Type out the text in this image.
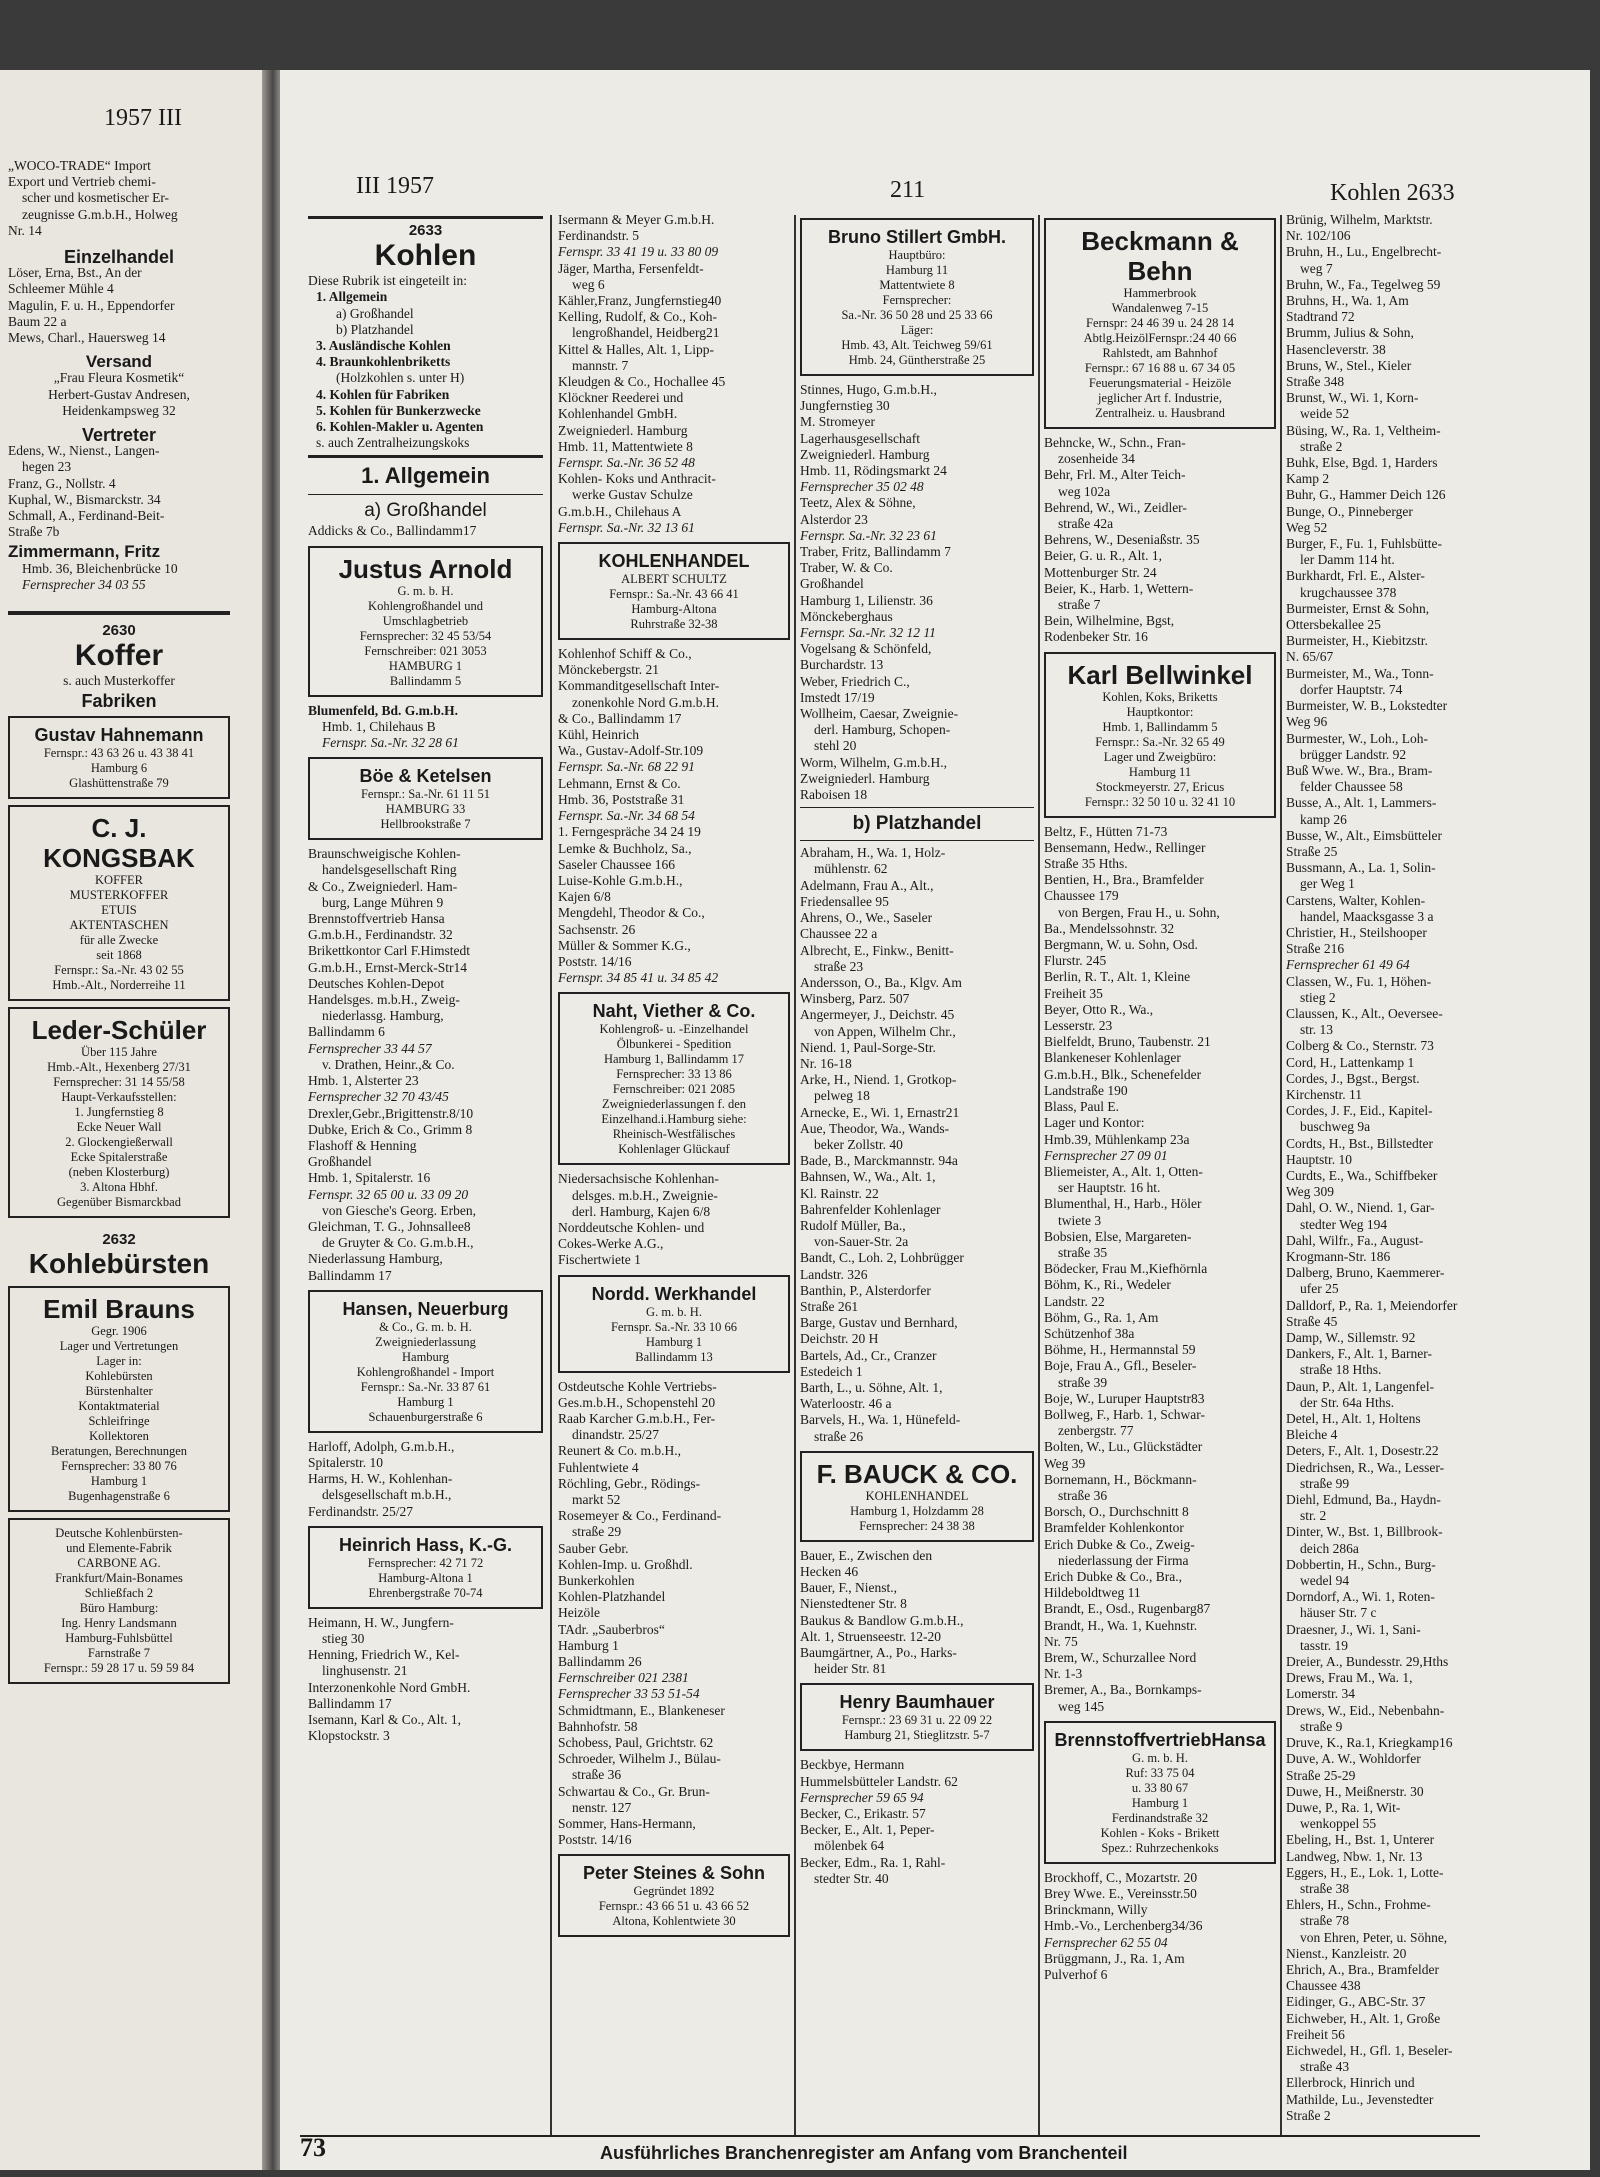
1957 III

„WOCO-TRADE“ Import

Export und Vertrieb chemi-

scher und kosmetischer Er-

zeugnisse G.m.b.H., Holweg

Nr. 14

Einzelhandel

Löser, Erna, Bst., An der

Schleemer Mühle 4

Magulin, F. u. H., Eppendorfer

Baum 22 a

Mews, Charl., Hauersweg 14

Versand

„Frau Fleura Kosmetik“

Herbert-Gustav Andresen,

Heidenkampsweg 32

Vertreter

Edens, W., Nienst., Langen-

hegen 23

Franz, G., Nollstr. 4

Kuphal, W., Bismarckstr. 34

Schmall, A., Ferdinand-Beit-

Straße 7b

Zimmermann, Fritz

Hmb. 36, Bleichenbrücke 10

Fernsprecher 34 03 55

2630
Koffer
s. auch Musterkoffer
Fabriken
Gustav Hahnemann
Fernspr.: 43 63 26 u. 43 38 41
Hamburg 6
Glashüttenstraße 79
C. J. KONGSBAK
KOFFER
MUSTERKOFFER
ETUIS
AKTENTASCHEN
für alle Zwecke
seit 1868
Fernspr.: Sa.-Nr. 43 02 55
Hmb.-Alt., Norderreihe 11
Leder-Schüler
Über 115 Jahre
Hmb.-Alt., Hexenberg 27/31
Fernsprecher: 31 14 55/58
Haupt-Verkaufsstellen:
1. Jungfernstieg 8
Ecke Neuer Wall
2. Glockengießerwall
Ecke Spitalerstraße
(neben Klosterburg)
3. Altona Hbhf.
Gegenüber Bismarckbad
2632
Kohlebürsten
Emil Brauns
Gegr. 1906
Lager und Vertretungen
Lager in:
Kohlebürsten
Bürstenhalter
Kontaktmaterial
Schleifringe
Kollektoren
Beratungen, Berechnungen
Fernsprecher: 33 80 76
Hamburg 1
Bugenhagenstraße 6
Deutsche Kohlenbürsten-
und Elemente-Fabrik
CARBONE AG.
Frankfurt/Main-Bonames
Schließfach 2
Büro Hamburg:
Ing. Henry Landsmann
Hamburg-Fuhlsbüttel
Farnstraße 7
Fernspr.: 59 28 17 u. 59 59 84
III 1957	211	Kohlen 2633
2633
Kohlen
Diese Rubrik ist eingeteilt in:

1. Allgemein

a) Großhandel

b) Platzhandel

3. Ausländische Kohlen

4. Braunkohlenbriketts

(Holzkohlen s. unter H)

4. Kohlen für Fabriken

5. Kohlen für Bunkerzwecke

6. Kohlen-Makler u. Agenten

s. auch Zentralheizungskoks

1. Allgemein
a) Großhandel
Addicks & Co., Ballindamm17
Justus Arnold
G. m. b. H.
Kohlengroßhandel und
Umschlagbetrieb
Fernsprecher: 32 45 53/54
Fernschreiber: 021 3053
HAMBURG 1
Ballindamm 5

Blumenfeld, Bd. G.m.b.H.

Hmb. 1, Chilehaus B

Fernspr. Sa.-Nr. 32 28 61

Böe & Ketelsen
Fernspr.: Sa.-Nr. 61 11 51
HAMBURG 33
Hellbrookstraße 7

Braunschweigische Kohlen-

handelsgesellschaft Ring

& Co., Zweigniederl. Ham-

burg, Lange Mühren 9

Brennstoffvertrieb Hansa

G.m.b.H., Ferdinandstr. 32

Brikettkontor Carl F.Himstedt

G.m.b.H., Ernst-Merck-Str14

Deutsches Kohlen-Depot

Handelsges. m.b.H., Zweig-

niederlassg. Hamburg,

Ballindamm 6

Fernsprecher 33 44 57

v. Drathen, Heinr.,& Co.

Hmb. 1, Alsterter 23

Fernsprecher 32 70 43/45

Drexler,Gebr.,Brigittenstr.8/10

Dubke, Erich & Co., Grimm 8

Flashoff & Henning

Großhandel

Hmb. 1, Spitalerstr. 16

Fernspr. 32 65 00 u. 33 09 20

von Giesche's Georg. Erben,

Gleichman, T. G., Johnsallee8

de Gruyter & Co. G.m.b.H.,

Niederlassung Hamburg,

Ballindamm 17

Hansen, Neuerburg
& Co., G. m. b. H.
Zweigniederlassung
Hamburg
Kohlengroßhandel - Import
Fernspr.: Sa.-Nr. 33 87 61
Hamburg 1
Schauenburgerstraße 6

Harloff, Adolph, G.m.b.H.,

Spitalerstr. 10

Harms, H. W., Kohlenhan-

delsgesellschaft m.b.H.,

Ferdinandstr. 25/27

Heinrich Hass, K.-G.
Fernsprecher: 42 71 72
Hamburg-Altona 1
Ehrenbergstraße 70-74

Heimann, H. W., Jungfern-

stieg 30

Henning, Friedrich W., Kel-

linghusenstr. 21

Interzonenkohle Nord GmbH.

Ballindamm 17

Isemann, Karl & Co., Alt. 1,

Klopstockstr. 3

Isermann & Meyer G.m.b.H.

Ferdinandstr. 5

Fernspr. 33 41 19 u. 33 80 09

Jäger, Martha, Fersenfeldt-

weg 6

Kähler,Franz, Jungfernstieg40

Kelling, Rudolf, & Co., Koh-

lengroßhandel, Heidberg21

Kittel & Halles, Alt. 1, Lipp-

mannstr. 7

Kleudgen & Co., Hochallee 45

Klöckner Reederei und

Kohlenhandel GmbH.

Zweigniederl. Hamburg

Hmb. 11, Mattentwiete 8

Fernspr. Sa.-Nr. 36 52 48

Kohlen- Koks und Anthracit-

werke Gustav Schulze

G.m.b.H., Chilehaus A

Fernspr. Sa.-Nr. 32 13 61

KOHLENHANDEL
ALBERT SCHULTZ
Fernspr.: Sa.-Nr. 43 66 41
Hamburg-Altona
Ruhrstraße 32-38

Kohlenhof Schiff & Co.,

Mönckebergstr. 21

Kommanditgesellschaft Inter-

zonenkohle Nord G.m.b.H.

& Co., Ballindamm 17

Kühl, Heinrich

Wa., Gustav-Adolf-Str.109

Fernspr. Sa.-Nr. 68 22 91

Lehmann, Ernst & Co.

Hmb. 36, Poststraße 31

Fernspr. Sa.-Nr. 34 68 54

1. Ferngespräche 34 24 19

Lemke & Buchholz, Sa.,

Saseler Chaussee 166

Luise-Kohle G.m.b.H.,

Kajen 6/8

Mengdehl, Theodor & Co.,

Sachsenstr. 26

Müller & Sommer K.G.,

Poststr. 14/16

Fernspr. 34 85 41 u. 34 85 42

Naht, Viether & Co.
Kohlengroß- u. -Einzelhandel
Ölbunkerei - Spedition
Hamburg 1, Ballindamm 17
Fernsprecher: 33 13 86
Fernschreiber: 021 2085
Zweigniederlassungen f. den
Einzelhand.i.Hamburg siehe:
Rheinisch-Westfälisches
Kohlenlager Glückauf

Niedersachsische Kohlenhan-

delsges. m.b.H., Zweignie-

derl. Hamburg, Kajen 6/8

Norddeutsche Kohlen- und

Cokes-Werke A.G.,

Fischertwiete 1

Nordd. Werkhandel
G. m. b. H.
Fernspr. Sa.-Nr. 33 10 66
Hamburg 1
Ballindamm 13

Ostdeutsche Kohle Vertriebs-

Ges.m.b.H., Schopenstehl 20

Raab Karcher G.m.b.H., Fer-

dinandstr. 25/27

Reunert & Co. m.b.H.,

Fuhlentwiete 4

Röchling, Gebr., Rödings-

markt 52

Rosemeyer & Co., Ferdinand-

straße 29

Sauber Gebr.

Kohlen-Imp. u. Großhdl.

Bunkerkohlen

Kohlen-Platzhandel

Heizöle

TAdr. „Sauberbros“

Hamburg 1

Ballindamm 26

Fernschreiber 021 2381

Fernsprecher 33 53 51-54

Schmidtmann, E., Blankeneser

Bahnhofstr. 58

Schobess, Paul, Grichtstr. 62

Schroeder, Wilhelm J., Bülau-

straße 36

Schwartau & Co., Gr. Brun-

nenstr. 127

Sommer, Hans-Hermann,

Poststr. 14/16

Peter Steines & Sohn
Gegründet 1892
Fernspr.: 43 66 51 u. 43 66 52
Altona, Kohlentwiete 30
Bruno Stillert GmbH.
Hauptbüro:
Hamburg 11
Mattentwiete 8
Fernsprecher:
Sa.-Nr. 36 50 28 und 25 33 66
Läger:
Hmb. 43, Alt. Teichweg 59/61
Hmb. 24, Güntherstraße 25

Stinnes, Hugo, G.m.b.H.,

Jungfernstieg 30

M. Stromeyer

Lagerhausgesellschaft

Zweigniederl. Hamburg

Hmb. 11, Rödingsmarkt 24

Fernsprecher 35 02 48

Teetz, Alex & Söhne,

Alsterdor 23

Fernspr. Sa.-Nr. 32 23 61

Traber, Fritz, Ballindamm 7

Traber, W. & Co.

Großhandel

Hamburg 1, Lilienstr. 36

Mönckeberghaus

Fernspr. Sa.-Nr. 32 12 11

Vogelsang & Schönfeld,

Burchardstr. 13

Weber, Friedrich C.,

Imstedt 17/19

Wollheim, Caesar, Zweignie-

derl. Hamburg, Schopen-

stehl 20

Worm, Wilhelm, G.m.b.H.,

Zweigniederl. Hamburg

Raboisen 18

b) Platzhandel

Abraham, H., Wa. 1, Holz-

mühlenstr. 62

Adelmann, Frau A., Alt.,

Friedensallee 95

Ahrens, O., We., Saseler

Chaussee 22 a

Albrecht, E., Finkw., Benitt-

straße 23

Andersson, O., Ba., Klgv. Am

Winsberg, Parz. 507

Angermeyer, J., Deichstr. 45

von Appen, Wilhelm Chr.,

Niend. 1, Paul-Sorge-Str.

Nr. 16-18

Arke, H., Niend. 1, Grotkop-

pelweg 18

Arnecke, E., Wi. 1, Ernastr21

Aue, Theodor, Wa., Wands-

beker Zollstr. 40

Bade, B., Marckmannstr. 94a

Bahnsen, W., Wa., Alt. 1,

Kl. Rainstr. 22

Bahrenfelder Kohlenlager

Rudolf Müller, Ba.,

von-Sauer-Str. 2a

Bandt, C., Loh. 2, Lohbrügger

Landstr. 326

Banthin, P., Alsterdorfer

Straße 261

Barge, Gustav und Bernhard,

Deichstr. 20 H

Bartels, Ad., Cr., Cranzer

Estedeich 1

Barth, L., u. Söhne, Alt. 1,

Waterloostr. 46 a

Barvels, H., Wa. 1, Hünefeld-

straße 26

F. BAUCK & CO.
KOHLENHANDEL
Hamburg 1, Holzdamm 28
Fernsprecher: 24 38 38

Bauer, E., Zwischen den

Hecken 46

Bauer, F., Nienst.,

Nienstedtener Str. 8

Baukus & Bandlow G.m.b.H.,

Alt. 1, Struenseestr. 12-20

Baumgärtner, A., Po., Harks-

heider Str. 81

Henry Baumhauer
Fernspr.: 23 69 31 u. 22 09 22
Hamburg 21, Stieglitzstr. 5-7

Beckbye, Hermann

Hummelsbütteler Landstr. 62

Fernsprecher 59 65 94

Becker, C., Erikastr. 57

Becker, E., Alt. 1, Peper-

mölenbek 64

Becker, Edm., Ra. 1, Rahl-

stedter Str. 40

Beckmann & Behn
Hammerbrook
Wandalenweg 7-15
Fernspr: 24 46 39 u. 24 28 14
Abtlg.HeizölFernspr.:24 40 66
Rahlstedt, am Bahnhof
Fernspr.: 67 16 88 u. 67 34 05
Feuerungsmaterial - Heizöle
jeglicher Art f. Industrie,
Zentralheiz. u. Hausbrand

Behncke, W., Schn., Fran-

zosenheide 34

Behr, Frl. M., Alter Teich-

weg 102a

Behrend, W., Wi., Zeidler-

straße 42a

Behrens, W., Deseniaßstr. 35

Beier, G. u. R., Alt. 1,

Mottenburger Str. 24

Beier, K., Harb. 1, Wettern-

straße 7

Bein, Wilhelmine, Bgst,

Rodenbeker Str. 16

Karl Bellwinkel
Kohlen, Koks, Briketts
Hauptkontor:
Hmb. 1, Ballindamm 5
Fernspr.: Sa.-Nr. 32 65 49
Lager und Zweigbüro:
Hamburg 11
Stockmeyerstr. 27, Ericus
Fernspr.: 32 50 10 u. 32 41 10

Beltz, F., Hütten 71-73

Bensemann, Hedw., Rellinger

Straße 35 Hths.

Bentien, H., Bra., Bramfelder

Chaussee 179

von Bergen, Frau H., u. Sohn,

Ba., Mendelssohnstr. 32

Bergmann, W. u. Sohn, Osd.

Flurstr. 245

Berlin, R. T., Alt. 1, Kleine

Freiheit 35

Beyer, Otto R., Wa.,

Lesserstr. 23

Bielfeldt, Bruno, Taubenstr. 21

Blankeneser Kohlenlager

G.m.b.H., Blk., Schenefelder

Landstraße 190

Blass, Paul E.

Lager und Kontor:

Hmb.39, Mühlenkamp 23a

Fernsprecher 27 09 01

Bliemeister, A., Alt. 1, Otten-

ser Hauptstr. 16 ht.

Blumenthal, H., Harb., Höler

twiete 3

Bobsien, Else, Margareten-

straße 35

Bödecker, Frau M.,Kiefhörnla

Böhm, K., Ri., Wedeler

Landstr. 22

Böhm, G., Ra. 1, Am

Schützenhof 38a

Böhme, H., Hermannstal 59

Boje, Frau A., Gfl., Beseler-

straße 39

Boje, W., Luruper Hauptstr83

Bollweg, F., Harb. 1, Schwar-

zenbergstr. 77

Bolten, W., Lu., Glückstädter

Weg 39

Bornemann, H., Böckmann-

straße 36

Borsch, O., Durchschnitt 8

Bramfelder Kohlenkontor

Erich Dubke & Co., Zweig-

niederlassung der Firma

Erich Dubke & Co., Bra.,

Hildeboldtweg 11

Brandt, E., Osd., Rugenbarg87

Brandt, H., Wa. 1, Kuehnstr.

Nr. 75

Brem, W., Schurzallee Nord

Nr. 1-3

Bremer, A., Ba., Bornkamps-

weg 145

BrennstoffvertriebHansa
G. m. b. H.
Ruf: 33 75 04
u. 33 80 67
Hamburg 1
Ferdinandstraße 32
Kohlen - Koks - Brikett
Spez.: Ruhrzechenkoks

Brockhoff, C., Mozartstr. 20

Brey Wwe. E., Vereinsstr.50

Brinckmann, Willy

Hmb.-Vo., Lerchenberg34/36

Fernsprecher 62 55 04

Brüggmann, J., Ra. 1, Am

Pulverhof 6

Brünig, Wilhelm, Marktstr.

Nr. 102/106

Bruhn, H., Lu., Engelbrecht-

weg 7

Bruhn, W., Fa., Tegelweg 59

Bruhns, H., Wa. 1, Am

Stadtrand 72

Brumm, Julius & Sohn,

Hasencleverstr. 38

Bruns, W., Stel., Kieler

Straße 348

Brunst, W., Wi. 1, Korn-

weide 52

Büsing, W., Ra. 1, Veltheim-

straße 2

Buhk, Else, Bgd. 1, Harders

Kamp 2

Buhr, G., Hammer Deich 126

Bunge, O., Pinneberger

Weg 52

Burger, F., Fu. 1, Fuhlsbütte-

ler Damm 114 ht.

Burkhardt, Frl. E., Alster-

krugchaussee 378

Burmeister, Ernst & Sohn,

Ottersbekallee 25

Burmeister, H., Kiebitzstr.

N. 65/67

Burmeister, M., Wa., Tonn-

dorfer Hauptstr. 74

Burmeister, W. B., Lokstedter

Weg 96

Burmester, W., Loh., Loh-

brügger Landstr. 92

Buß Wwe. W., Bra., Bram-

felder Chaussee 58

Busse, A., Alt. 1, Lammers-

kamp 26

Busse, W., Alt., Eimsbütteler

Straße 25

Bussmann, A., La. 1, Solin-

ger Weg 1

Carstens, Walter, Kohlen-

handel, Maacksgasse 3 a

Christier, H., Steilshooper

Straße 216

Fernsprecher 61 49 64

Classen, W., Fu. 1, Höhen-

stieg 2

Claussen, K., Alt., Oeversee-

str. 13

Colberg & Co., Sternstr. 73

Cord, H., Lattenkamp 1

Cordes, J., Bgst., Bergst.

Kirchenstr. 11

Cordes, J. F., Eid., Kapitel-

buschweg 9a

Cordts, H., Bst., Billstedter

Hauptstr. 10

Curdts, E., Wa., Schiffbeker

Weg 309

Dahl, O. W., Niend. 1, Gar-

stedter Weg 194

Dahl, Wilfr., Fa., August-

Krogmann-Str. 186

Dalberg, Bruno, Kaemmerer-

ufer 25

Dalldorf, P., Ra. 1, Meiendorfer

Straße 45

Damp, W., Sillemstr. 92

Dankers, F., Alt. 1, Barner-

straße 18 Hths.

Daun, P., Alt. 1, Langenfel-

der Str. 64a Hths.

Detel, H., Alt. 1, Holtens

Bleiche 4

Deters, F., Alt. 1, Dosestr.22

Diedrichsen, R., Wa., Lesser-

straße 99

Diehl, Edmund, Ba., Haydn-

str. 2

Dinter, W., Bst. 1, Billbrook-

deich 286a

Dobbertin, H., Schn., Burg-

wedel 94

Dorndorf, A., Wi. 1, Roten-

häuser Str. 7 c

Draesner, J., Wi. 1, Sani-

tasstr. 19

Dreier, A., Bundesstr. 29,Hths

Drews, Frau M., Wa. 1,

Lomerstr. 34

Drews, W., Eid., Nebenbahn-

straße 9

Druve, K., Ra.1, Kriegkamp16

Duve, A. W., Wohldorfer

Straße 25-29

Duwe, H., Meißnerstr. 30

Duwe, P., Ra. 1, Wit-

wenkoppel 55

Ebeling, H., Bst. 1, Unterer

Landweg, Nbw. 1, Nr. 13

Eggers, H., E., Lok. 1, Lotte-

straße 38

Ehlers, H., Schn., Frohme-

straße 78

von Ehren, Peter, u. Söhne,

Nienst., Kanzleistr. 20

Ehrich, A., Bra., Bramfelder

Chaussee 438

Eidinger, G., ABC-Str. 37

Eichweber, H., Alt. 1, Große

Freiheit 56

Eichwedel, H., Gfl. 1, Beseler-

straße 43

Ellerbrock, Hinrich und

Mathilde, Lu., Jevenstedter

Straße 2

73	Ausführliches Branchenregister am Anfang vom Branchenteil
